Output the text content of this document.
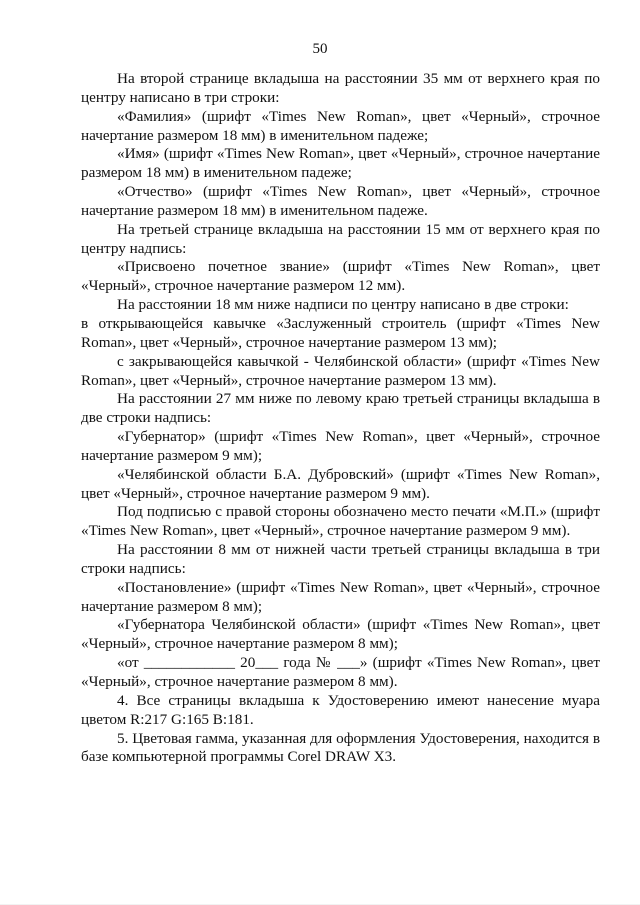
50

На второй странице вкладыша на расстоянии 35 мм от верхнего края по центру написано в три строки:

«Фамилия» (шрифт «Times New Roman», цвет «Черный», строчное начертание размером 18 мм) в именительном падеже;

«Имя» (шрифт «Times New Roman», цвет «Черный», строчное начертание размером 18 мм) в именительном падеже;

«Отчество» (шрифт «Times New Roman», цвет «Черный», строчное начертание размером 18 мм) в именительном падеже.

На третьей странице вкладыша на расстоянии 15 мм от верхнего края по центру надпись:

«Присвоено почетное звание» (шрифт «Times New Roman», цвет «Черный», строчное начертание размером 12 мм).

На расстоянии 18 мм ниже надписи по центру написано в две строки:

в открывающейся кавычке «Заслуженный строитель (шрифт «Times New Roman», цвет «Черный», строчное начертание размером 13 мм);

с закрывающейся кавычкой - Челябинской области» (шрифт «Times New Roman», цвет «Черный», строчное начертание размером 13 мм).

На расстоянии 27 мм ниже по левому краю третьей страницы вкладыша в две строки надпись:

«Губернатор» (шрифт «Times New Roman», цвет «Черный», строчное начертание размером 9 мм);

«Челябинской области Б.А. Дубровский» (шрифт «Times New Roman», цвет «Черный», строчное начертание размером 9 мм).

Под подписью с правой стороны обозначено место печати «М.П.» (шрифт «Times New Roman», цвет «Черный», строчное начертание размером 9 мм).

На расстоянии 8 мм от нижней части третьей страницы вкладыша в три строки надпись:

«Постановление» (шрифт «Times New Roman», цвет «Черный», строчное начертание размером 8 мм);

«Губернатора Челябинской области» (шрифт «Times New Roman», цвет «Черный», строчное начертание размером 8 мм);

«от ____________ 20___ года № ___» (шрифт «Times New Roman», цвет «Черный», строчное начертание размером 8 мм).

4. Все страницы вкладыша к Удостоверению имеют нанесение муара цветом R:217 G:165 B:181.

5. Цветовая гамма, указанная для оформления Удостоверения, находится в базе компьютерной программы Corel DRAW X3.
